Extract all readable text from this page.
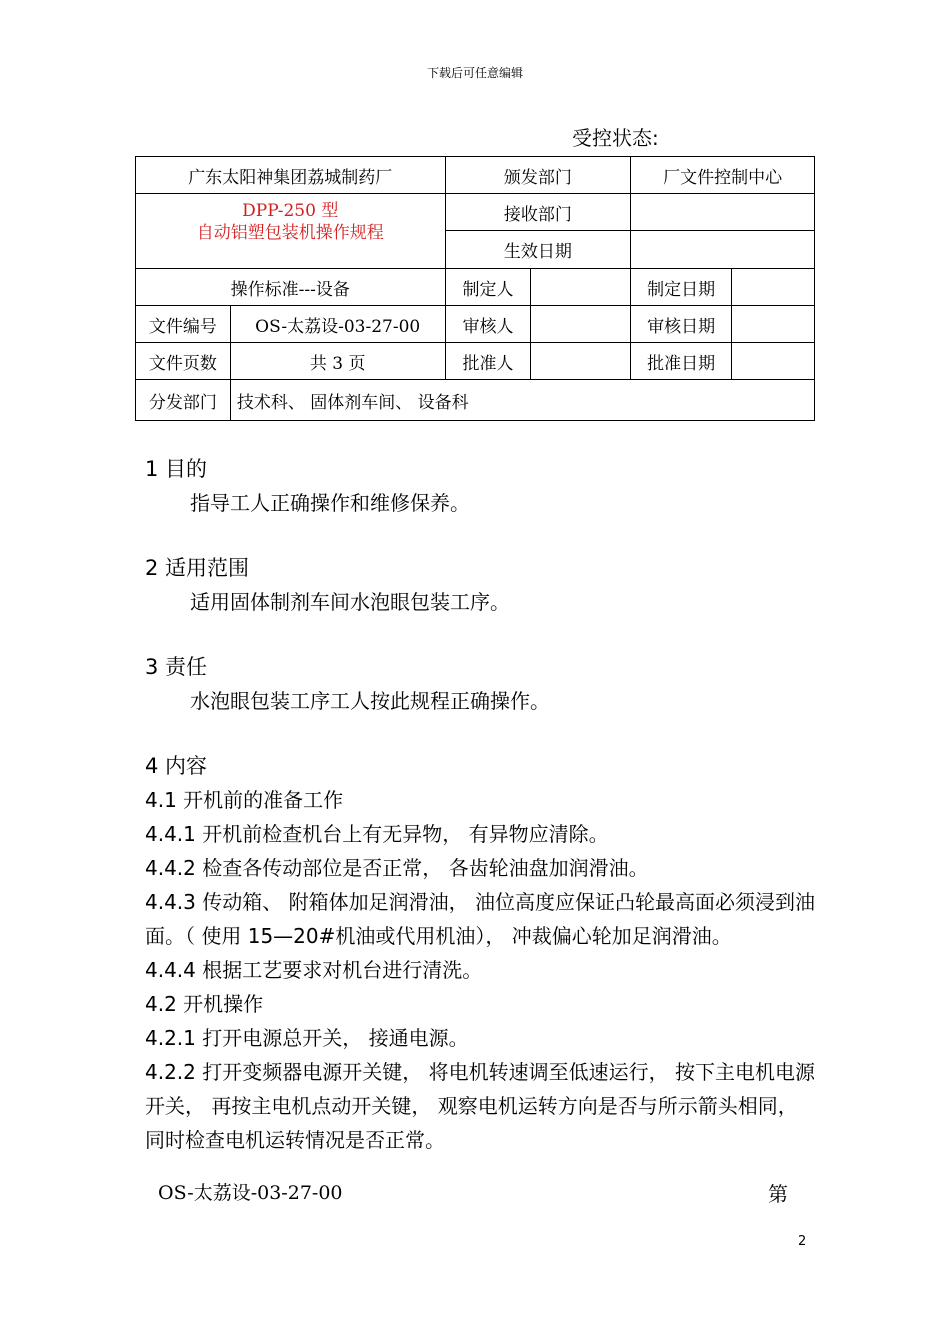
下载后可任意编辑
受控状态:
广东太阳神集团荔城制药厂		颁发部门		厂文件控制中心	

DPP-250 型
自动铝塑包装机操作规程		接收部门			
		生效日期			
操作标准---设备		制定人		制定日期	
文件编号	OS-太荔设-03-27-00	审核人		审核日期	
文件页数	共 3 页	批准人		批准日期	
分发部门	技术科、 固体剂车间、 设备科				

1 目的

指导工人正确操作和维修保养。

2 适用范围

适用固体制剂车间水泡眼包装工序。

3 责任

水泡眼包装工序工人按此规程正确操作。

4 内容

4.1 开机前的准备工作

4.4.1 开机前检查机台上有无异物， 有异物应清除。

4.4.2 检查各传动部位是否正常， 各齿轮油盘加润滑油。

4.4.3 传动箱、 附箱体加足润滑油， 油位高度应保证凸轮最高面必须浸到油面。（ 使用 15—20#机油或代用机油）， 冲裁偏心轮加足润滑油。

4.4.4 根据工艺要求对机台进行清洗。

4.2 开机操作

4.2.1 打开电源总开关， 接通电源。

4.2.2 打开变频器电源开关键， 将电机转速调至低速运行， 按下主电机电源开关， 再按主电机点动开关键， 观察电机运转方向是否与所示箭头相同， 同时检查电机运转情况是否正常。

OS-太荔设-03-27-00	第
2
